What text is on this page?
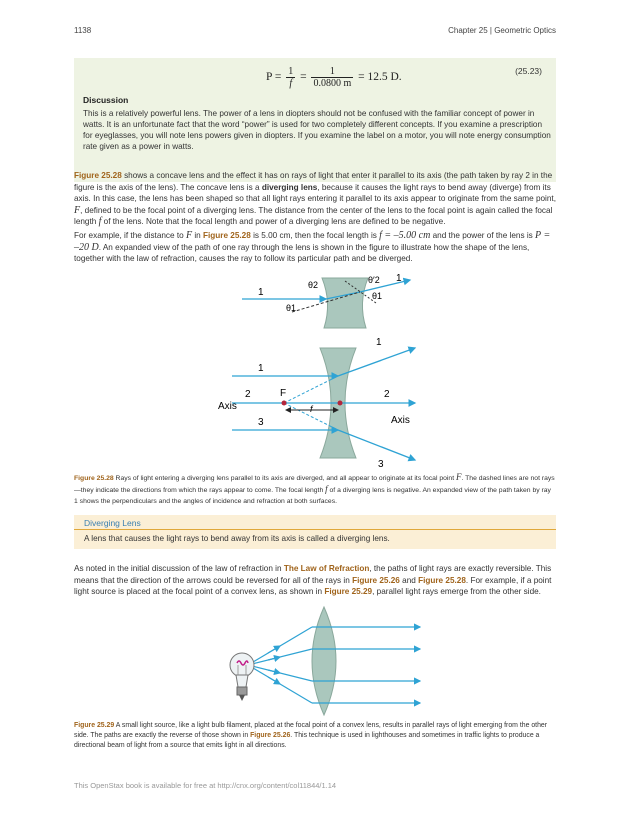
1138	Chapter 25 | Geometric Optics
$P = \frac{1}{f} = \frac{1}{0.0800 m} = 12.5$ D.
(25.23)
Discussion
This is a relatively powerful lens. The power of a lens in diopters should not be confused with the familiar concept of power in watts. It is an unfortunate fact that the word “power” is used for two completely different concepts. If you examine a prescription for eyeglasses, you will note lens powers given in diopters. If you examine the label on a motor, you will note energy consumption rate given as a power in watts.
Figure 25.28 shows a concave lens and the effect it has on rays of light that enter it parallel to its axis (the path taken by ray 2 in the figure is the axis of the lens). The concave lens is a diverging lens, because it causes the light rays to bend away (diverge) from its axis. In this case, the lens has been shaped so that all light rays entering it parallel to its axis appear to originate from the same point, F, defined to be the focal point of a diverging lens. The distance from the center of the lens to the focal point is again called the focal length f of the lens. Note that the focal length and power of a diverging lens are defined to be negative.
For example, if the distance to F in Figure 25.28 is 5.00 cm, then the focal length is f = –5.00 cm and the power of the lens is P = –20 D. An expanded view of the path of one ray through the lens is shown in the figure to illustrate how the shape of the lens, together with the law of refraction, causes the ray to follow its particular path and be diverged.
θ2	θ′2
θ1
θ1
1
1
f
F
1
1
2	2
3
3
Axis
Axis
Figure 25.28 Rays of light entering a diverging lens parallel to its axis are diverged, and all appear to originate at its focal point F. The dashed lines are not rays—they indicate the directions from which the rays appear to come. The focal length f of a diverging lens is negative. An expanded view of the path taken by ray 1 shows the perpendiculars and the angles of incidence and refraction at both surfaces.
Diverging Lens
A lens that causes the light rays to bend away from its axis is called a diverging lens.
As noted in the initial discussion of the law of refraction in The Law of Refraction, the paths of light rays are exactly reversible. This means that the direction of the arrows could be reversed for all of the rays in Figure 25.26 and Figure 25.28. For example, if a point light source is placed at the focal point of a convex lens, as shown in Figure 25.29, parallel light rays emerge from the other side.
Figure 25.29 A small light source, like a light bulb filament, placed at the focal point of a convex lens, results in parallel rays of light emerging from the other side. The paths are exactly the reverse of those shown in Figure 25.26. This technique is used in lighthouses and sometimes in traffic lights to produce a directional beam of light from a source that emits light in all directions.
This OpenStax book is available for free at http://cnx.org/content/col11844/1.14
